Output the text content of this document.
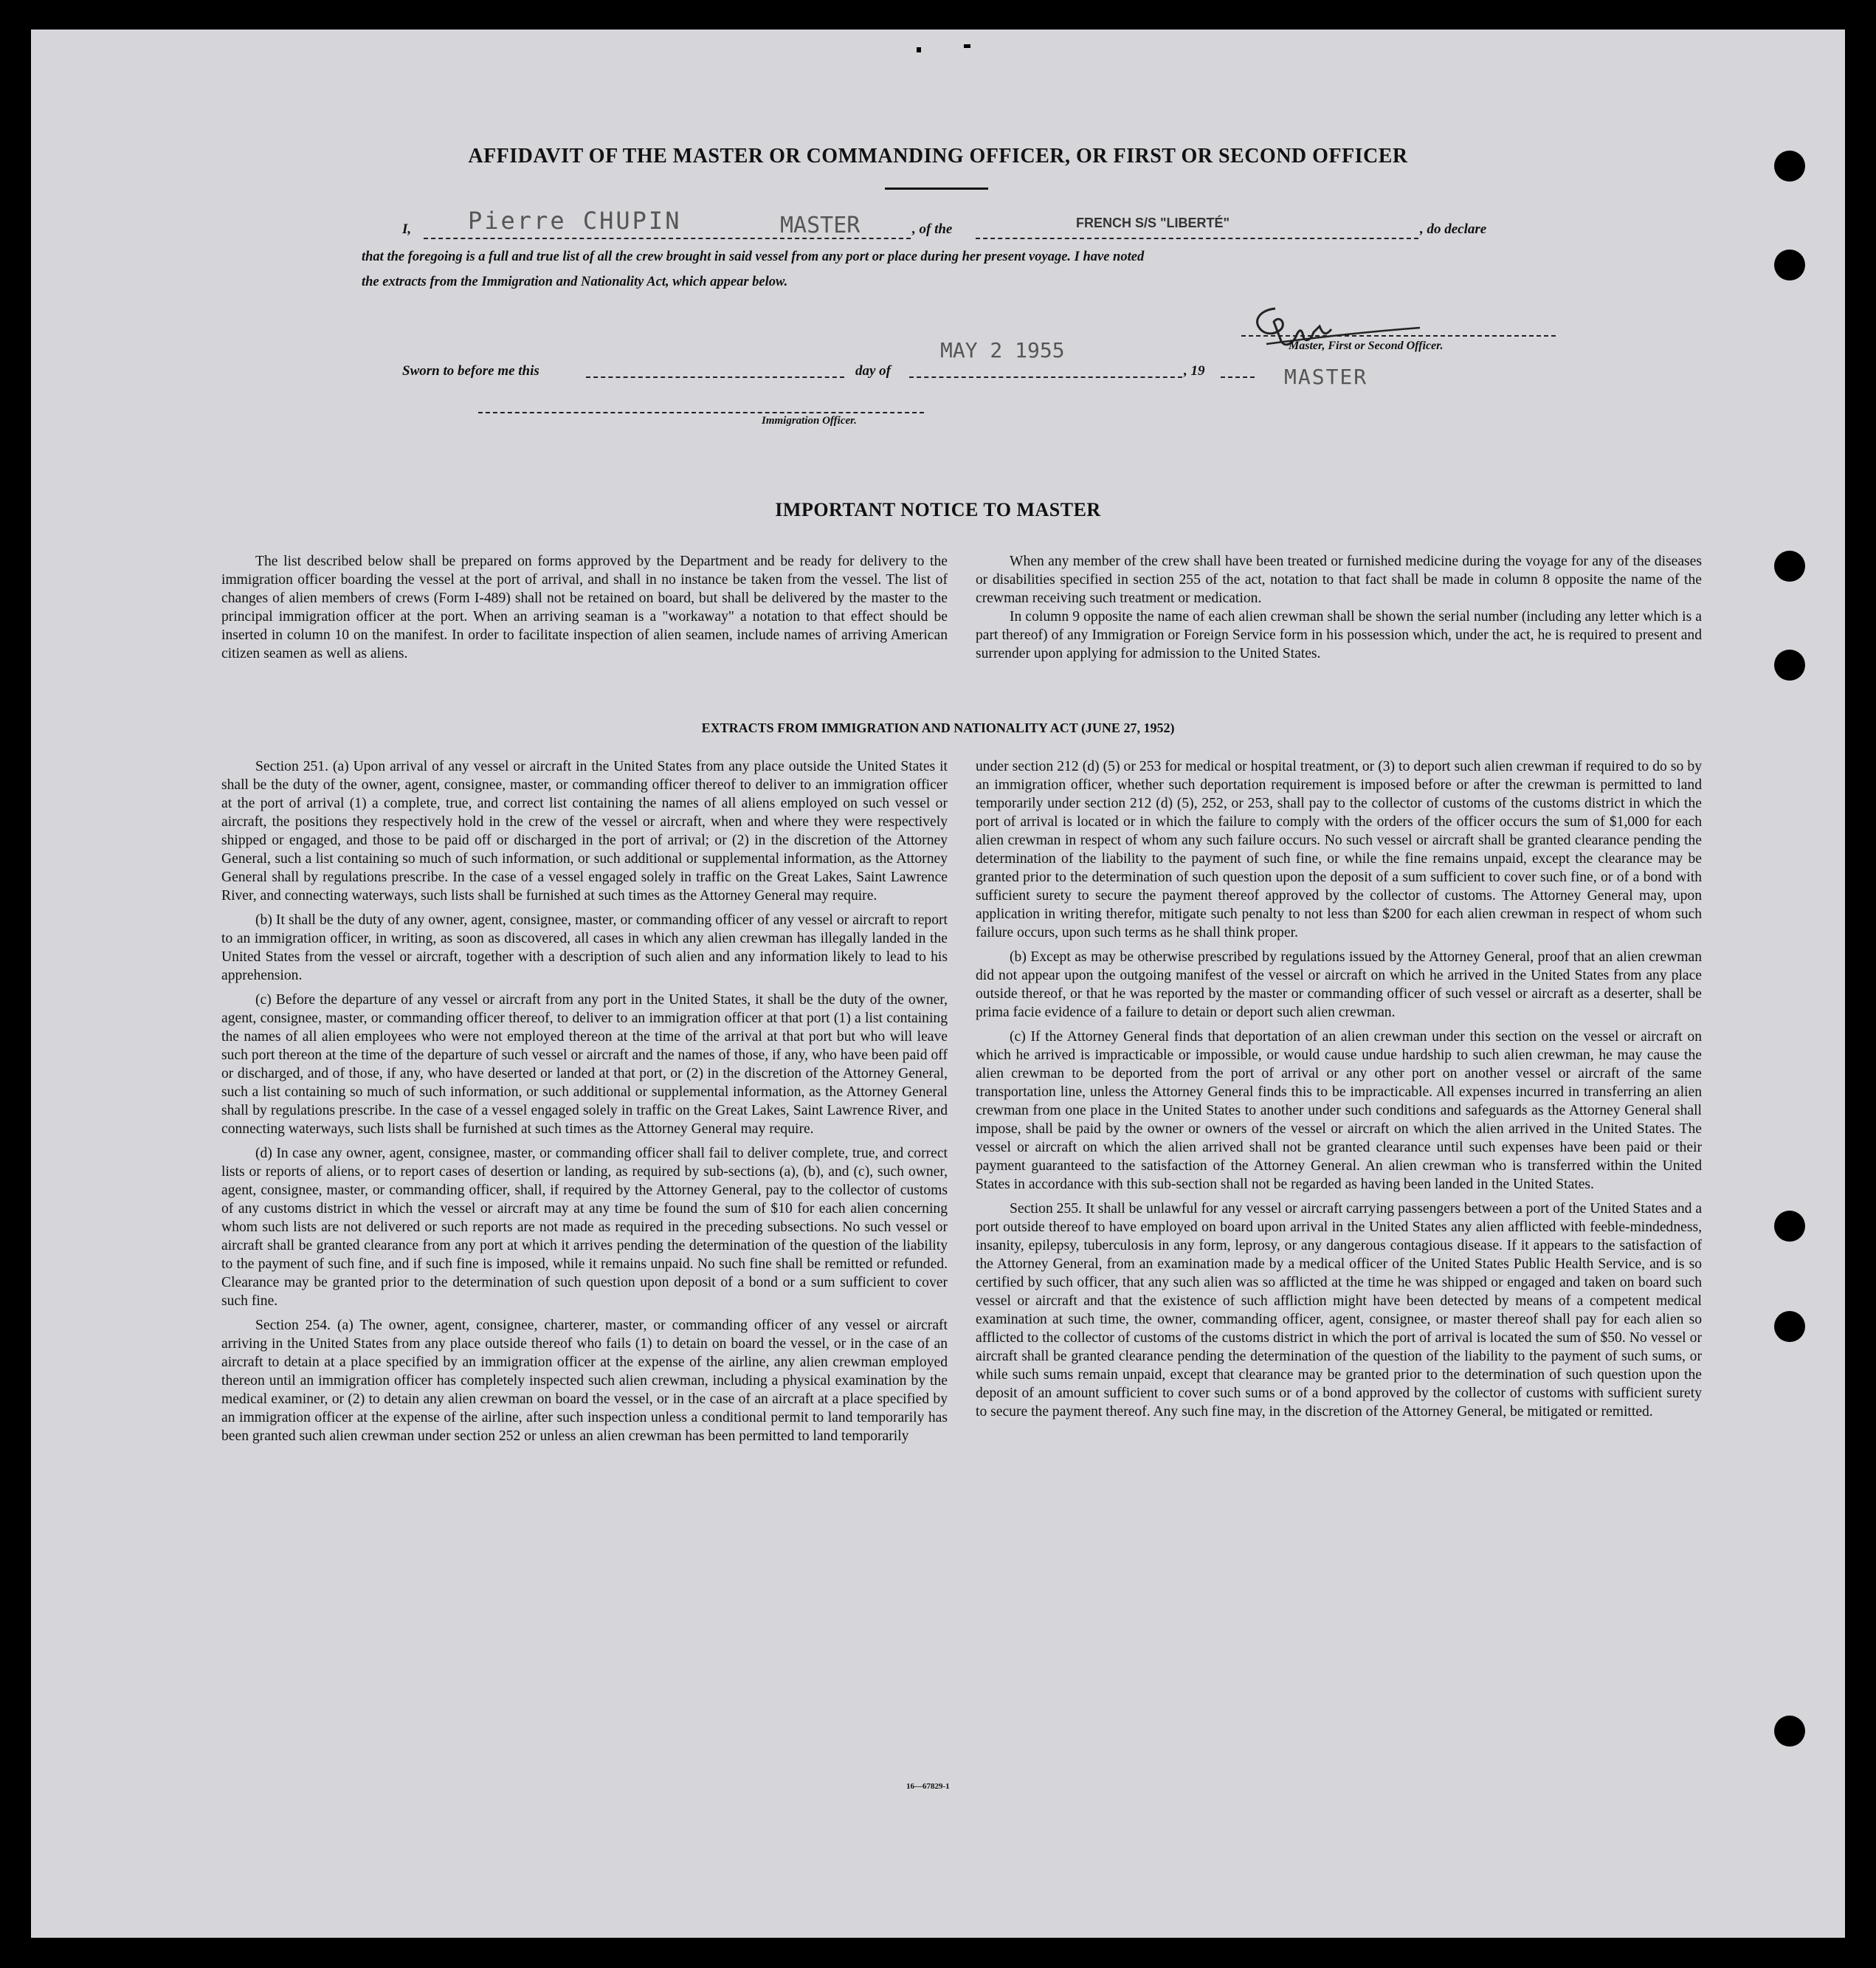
AFFIDAVIT OF THE MASTER OR COMMANDING OFFICER, OR FIRST OR SECOND OFFICER
I, Pierre CHUPIN	MASTER	, of the	FRENCH S/S "LIBERTÉ"	, do declare
that the foregoing is a full and true list of all the crew brought in said vessel from any port or place during her present voyage. I have noted
the extracts from the Immigration and Nationality Act, which appear below.
Master, First or Second Officer.
Sworn to before me this	day of
MAY 2 1955
, 19	MASTER
Immigration Officer.
IMPORTANT NOTICE TO MASTER

The list described below shall be prepared on forms approved by the Department and be ready for delivery to the immigration officer boarding the vessel at the port of arrival, and shall in no instance be taken from the vessel. The list of changes of alien members of crews (Form I-489) shall not be retained on board, but shall be delivered by the master to the principal immigration officer at the port. When an arriving seaman is a "workaway" a notation to that effect should be inserted in column 10 on the manifest. In order to facilitate inspection of alien seamen, include names of arriving American citizen seamen as well as aliens.

When any member of the crew shall have been treated or furnished medicine during the voyage for any of the diseases or disabilities specified in section 255 of the act, notation to that fact shall be made in column 8 opposite the name of the crewman receiving such treatment or medication.

In column 9 opposite the name of each alien crewman shall be shown the serial number (including any letter which is a part thereof) of any Immigration or Foreign Service form in his possession which, under the act, he is required to present and surrender upon applying for admission to the United States.

EXTRACTS FROM IMMIGRATION AND NATIONALITY ACT (JUNE 27, 1952)

Section 251. (a) Upon arrival of any vessel or aircraft in the United States from any place outside the United States it shall be the duty of the owner, agent, consignee, master, or commanding officer thereof to deliver to an immigration officer at the port of arrival (1) a complete, true, and correct list containing the names of all aliens employed on such vessel or aircraft, the positions they respectively hold in the crew of the vessel or aircraft, when and where they were respectively shipped or engaged, and those to be paid off or discharged in the port of arrival; or (2) in the discretion of the Attorney General, such a list containing so much of such information, or such additional or supplemental information, as the Attorney General shall by regulations prescribe. In the case of a vessel engaged solely in traffic on the Great Lakes, Saint Lawrence River, and connecting waterways, such lists shall be furnished at such times as the Attorney General may require.

(b) It shall be the duty of any owner, agent, consignee, master, or commanding officer of any vessel or aircraft to report to an immigration officer, in writing, as soon as discovered, all cases in which any alien crewman has illegally landed in the United States from the vessel or aircraft, together with a description of such alien and any information likely to lead to his apprehension.

(c) Before the departure of any vessel or aircraft from any port in the United States, it shall be the duty of the owner, agent, consignee, master, or commanding officer thereof, to deliver to an immigration officer at that port (1) a list containing the names of all alien employees who were not employed thereon at the time of the arrival at that port but who will leave such port thereon at the time of the departure of such vessel or aircraft and the names of those, if any, who have been paid off or discharged, and of those, if any, who have deserted or landed at that port, or (2) in the discretion of the Attorney General, such a list containing so much of such information, or such additional or supplemental information, as the Attorney General shall by regulations prescribe. In the case of a vessel engaged solely in traffic on the Great Lakes, Saint Lawrence River, and connecting waterways, such lists shall be furnished at such times as the Attorney General may require.

(d) In case any owner, agent, consignee, master, or commanding officer shall fail to deliver complete, true, and correct lists or reports of aliens, or to report cases of desertion or landing, as required by sub-sections (a), (b), and (c), such owner, agent, consignee, master, or commanding officer, shall, if required by the Attorney General, pay to the collector of customs of any customs district in which the vessel or aircraft may at any time be found the sum of $10 for each alien concerning whom such lists are not delivered or such reports are not made as required in the preceding subsections. No such vessel or aircraft shall be granted clearance from any port at which it arrives pending the determination of the question of the liability to the payment of such fine, and if such fine is imposed, while it remains unpaid. No such fine shall be remitted or refunded. Clearance may be granted prior to the determination of such question upon deposit of a bond or a sum sufficient to cover such fine.

Section 254. (a) The owner, agent, consignee, charterer, master, or commanding officer of any vessel or aircraft arriving in the United States from any place outside thereof who fails (1) to detain on board the vessel, or in the case of an aircraft to detain at a place specified by an immigration officer at the expense of the airline, any alien crewman employed thereon until an immigration officer has completely inspected such alien crewman, including a physical examination by the medical examiner, or (2) to detain any alien crewman on board the vessel, or in the case of an aircraft at a place specified by an immigration officer at the expense of the airline, after such inspection unless a conditional permit to land temporarily has been granted such alien crewman under section 252 or unless an alien crewman has been permitted to land temporarily

under section 212 (d) (5) or 253 for medical or hospital treatment, or (3) to deport such alien crewman if required to do so by an immigration officer, whether such deportation requirement is imposed before or after the crewman is permitted to land temporarily under section 212 (d) (5), 252, or 253, shall pay to the collector of customs of the customs district in which the port of arrival is located or in which the failure to comply with the orders of the officer occurs the sum of $1,000 for each alien crewman in respect of whom any such failure occurs. No such vessel or aircraft shall be granted clearance pending the determination of the liability to the payment of such fine, or while the fine remains unpaid, except the clearance may be granted prior to the determination of such question upon the deposit of a sum sufficient to cover such fine, or of a bond with sufficient surety to secure the payment thereof approved by the collector of customs. The Attorney General may, upon application in writing therefor, mitigate such penalty to not less than $200 for each alien crewman in respect of whom such failure occurs, upon such terms as he shall think proper.

(b) Except as may be otherwise prescribed by regulations issued by the Attorney General, proof that an alien crewman did not appear upon the outgoing manifest of the vessel or aircraft on which he arrived in the United States from any place outside thereof, or that he was reported by the master or commanding officer of such vessel or aircraft as a deserter, shall be prima facie evidence of a failure to detain or deport such alien crewman.

(c) If the Attorney General finds that deportation of an alien crewman under this section on the vessel or aircraft on which he arrived is impracticable or impossible, or would cause undue hardship to such alien crewman, he may cause the alien crewman to be deported from the port of arrival or any other port on another vessel or aircraft of the same transportation line, unless the Attorney General finds this to be impracticable. All expenses incurred in transferring an alien crewman from one place in the United States to another under such conditions and safeguards as the Attorney General shall impose, shall be paid by the owner or owners of the vessel or aircraft on which the alien arrived in the United States. The vessel or aircraft on which the alien arrived shall not be granted clearance until such expenses have been paid or their payment guaranteed to the satisfaction of the Attorney General. An alien crewman who is transferred within the United States in accordance with this sub-section shall not be regarded as having been landed in the United States.

Section 255. It shall be unlawful for any vessel or aircraft carrying passengers between a port of the United States and a port outside thereof to have employed on board upon arrival in the United States any alien afflicted with feeble-mindedness, insanity, epilepsy, tuberculosis in any form, leprosy, or any dangerous contagious disease. If it appears to the satisfaction of the Attorney General, from an examination made by a medical officer of the United States Public Health Service, and is so certified by such officer, that any such alien was so afflicted at the time he was shipped or engaged and taken on board such vessel or aircraft and that the existence of such affliction might have been detected by means of a competent medical examination at such time, the owner, commanding officer, agent, consignee, or master thereof shall pay for each alien so afflicted to the collector of customs of the customs district in which the port of arrival is located the sum of $50. No vessel or aircraft shall be granted clearance pending the determination of the question of the liability to the payment of such sums, or while such sums remain unpaid, except that clearance may be granted prior to the determination of such question upon the deposit of an amount sufficient to cover such sums or of a bond approved by the collector of customs with sufficient surety to secure the payment thereof. Any such fine may, in the discretion of the Attorney General, be mitigated or remitted.

16—67829-1
